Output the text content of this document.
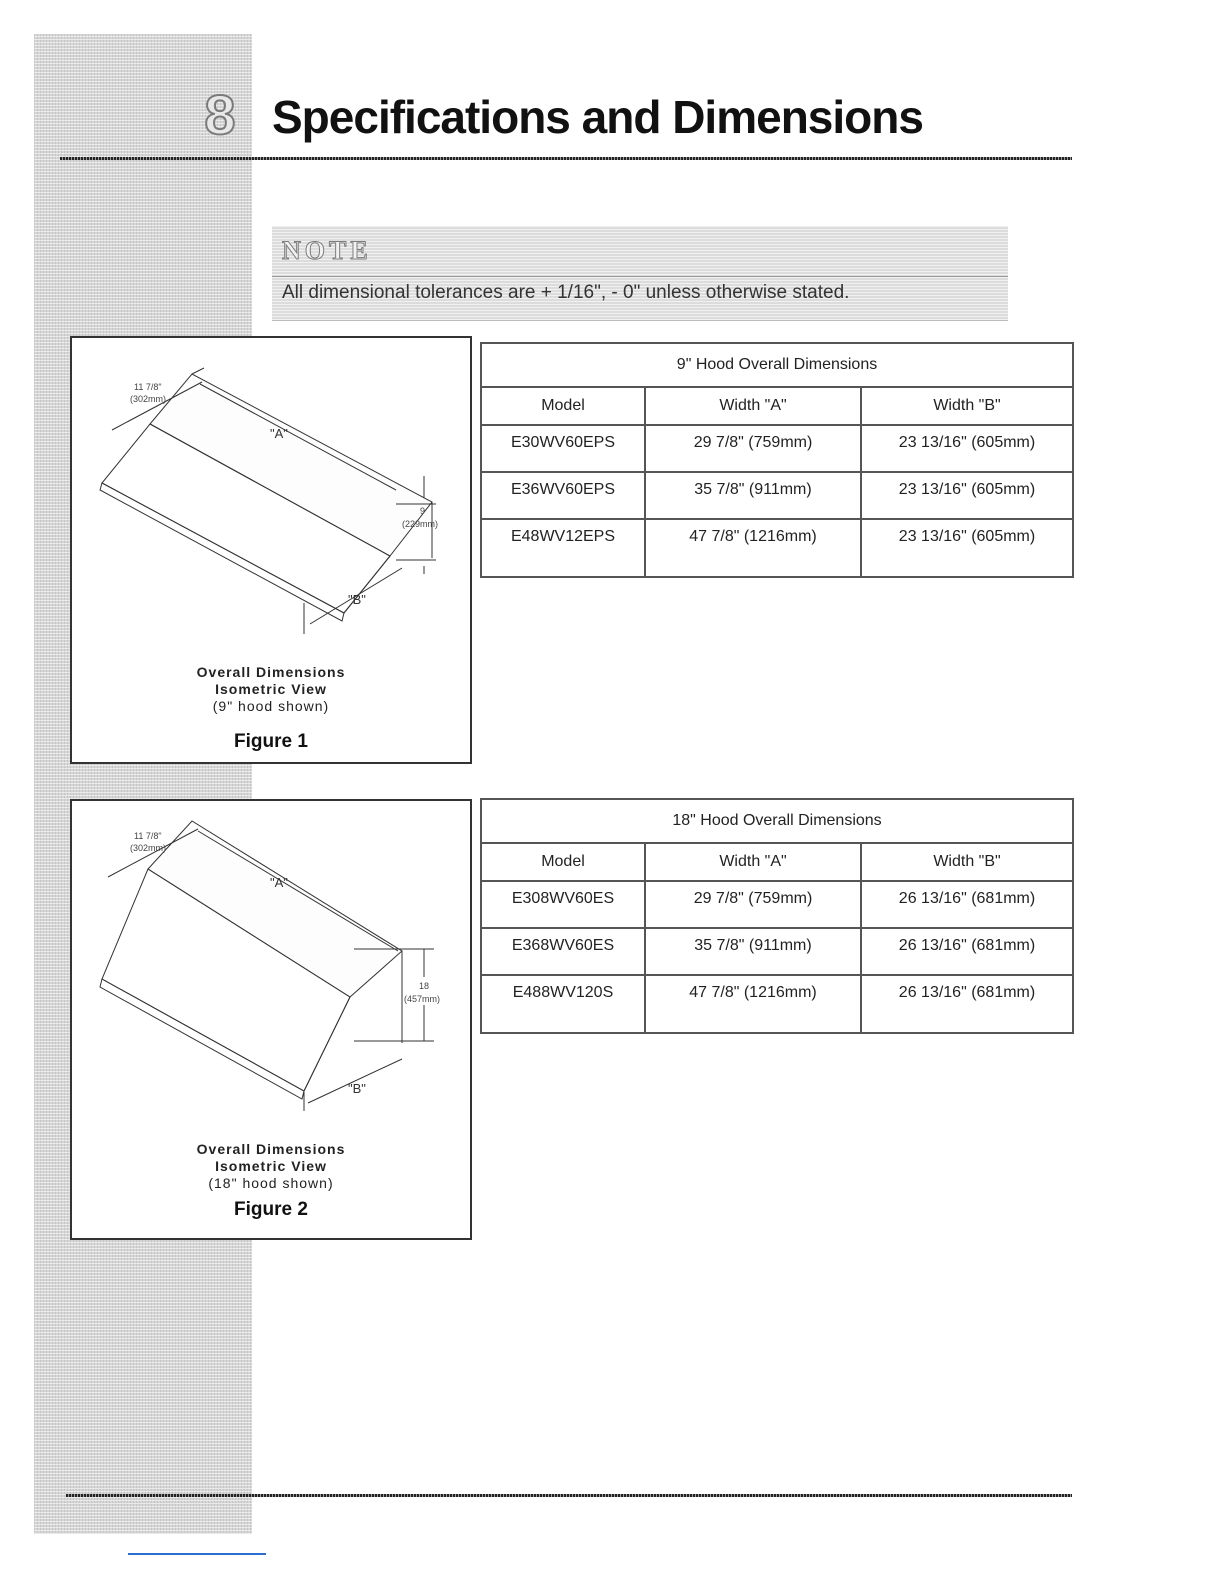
8 Specifications and Dimensions
NOTE
All dimensional tolerances are + 1/16", - 0" unless otherwise stated.
11 7/8"
(302mm)
"A"
9
(229mm)
"B"
Overall Dimensions
Isometric View
(9" hood shown)
Figure 1
11 7/8"
(302mm)
"A"
18
(457mm)
"B"
Overall Dimensions
Isometric View
(18" hood shown)
Figure 2
9" Hood Overall Dimensions		
Model	Width "A"	Width "B"
E30WV60EPS	29 7/8" (759mm)	23 13/16" (605mm)
E36WV60EPS	35 7/8" (911mm)	23 13/16" (605mm)
E48WV12EPS	47 7/8" (1216mm)	23 13/16" (605mm)
18" Hood Overall Dimensions		
Model	Width "A"	Width "B"
E308WV60ES	29 7/8" (759mm)	26 13/16" (681mm)
E368WV60ES	35 7/8" (911mm)	26 13/16" (681mm)
E488WV120S	47 7/8" (1216mm)	26 13/16" (681mm)
